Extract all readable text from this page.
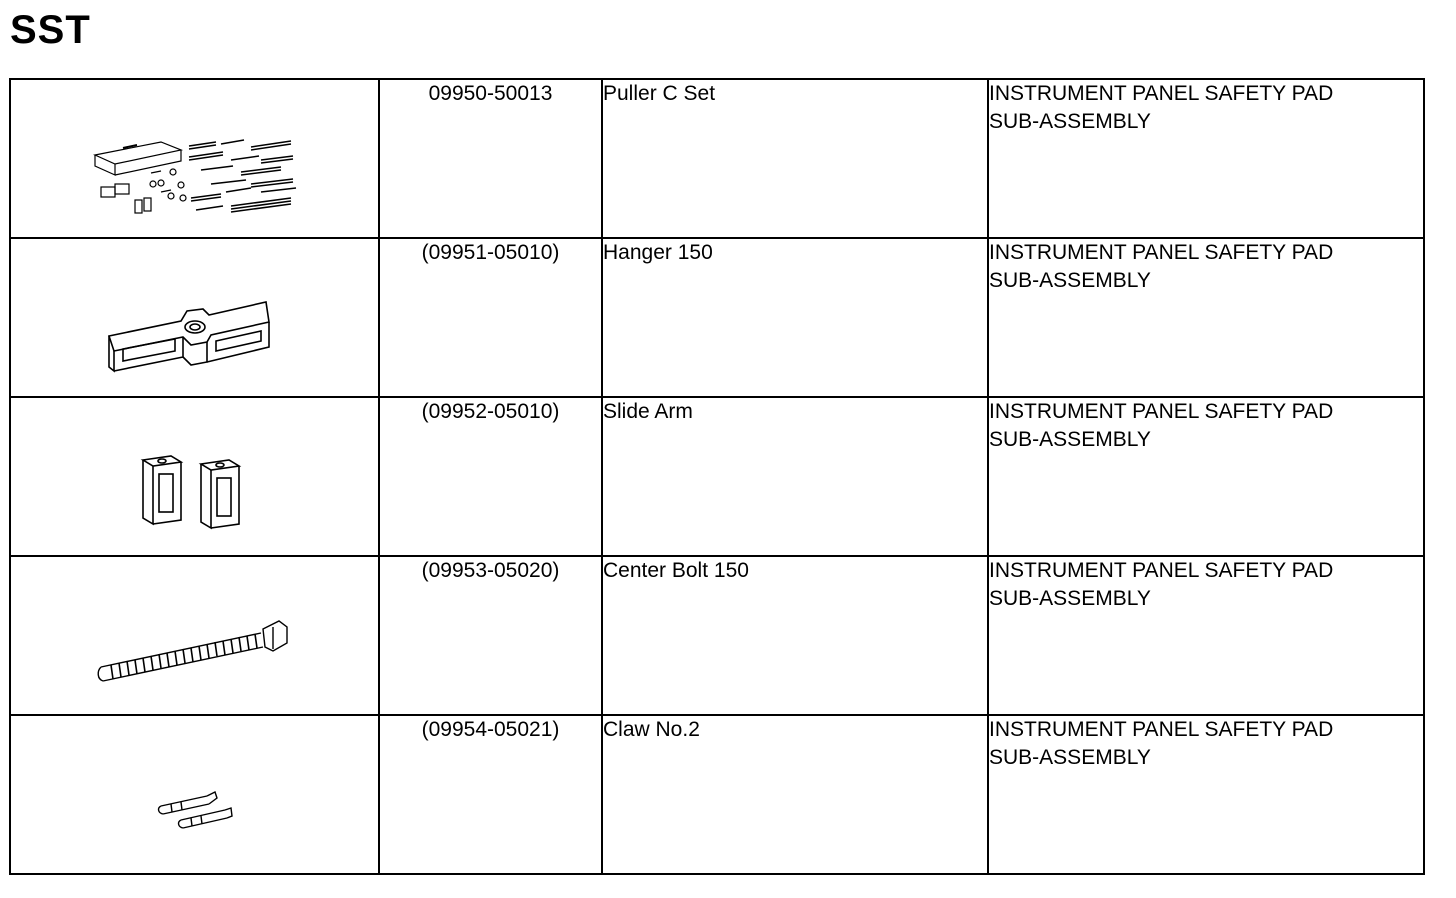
SST
	09950-50013	Puller C Set	INSTRUMENT PANEL SAFETY PAD
SUB-ASSEMBLY

	(09951-05010)	Hanger 150	INSTRUMENT PANEL SAFETY PAD
SUB-ASSEMBLY

	(09952-05010)	Slide Arm	INSTRUMENT PANEL SAFETY PAD
SUB-ASSEMBLY

	(09953-05020)	Center Bolt 150	INSTRUMENT PANEL SAFETY PAD
SUB-ASSEMBLY

	(09954-05021)	Claw No.2	INSTRUMENT PANEL SAFETY PAD
SUB-ASSEMBLY
